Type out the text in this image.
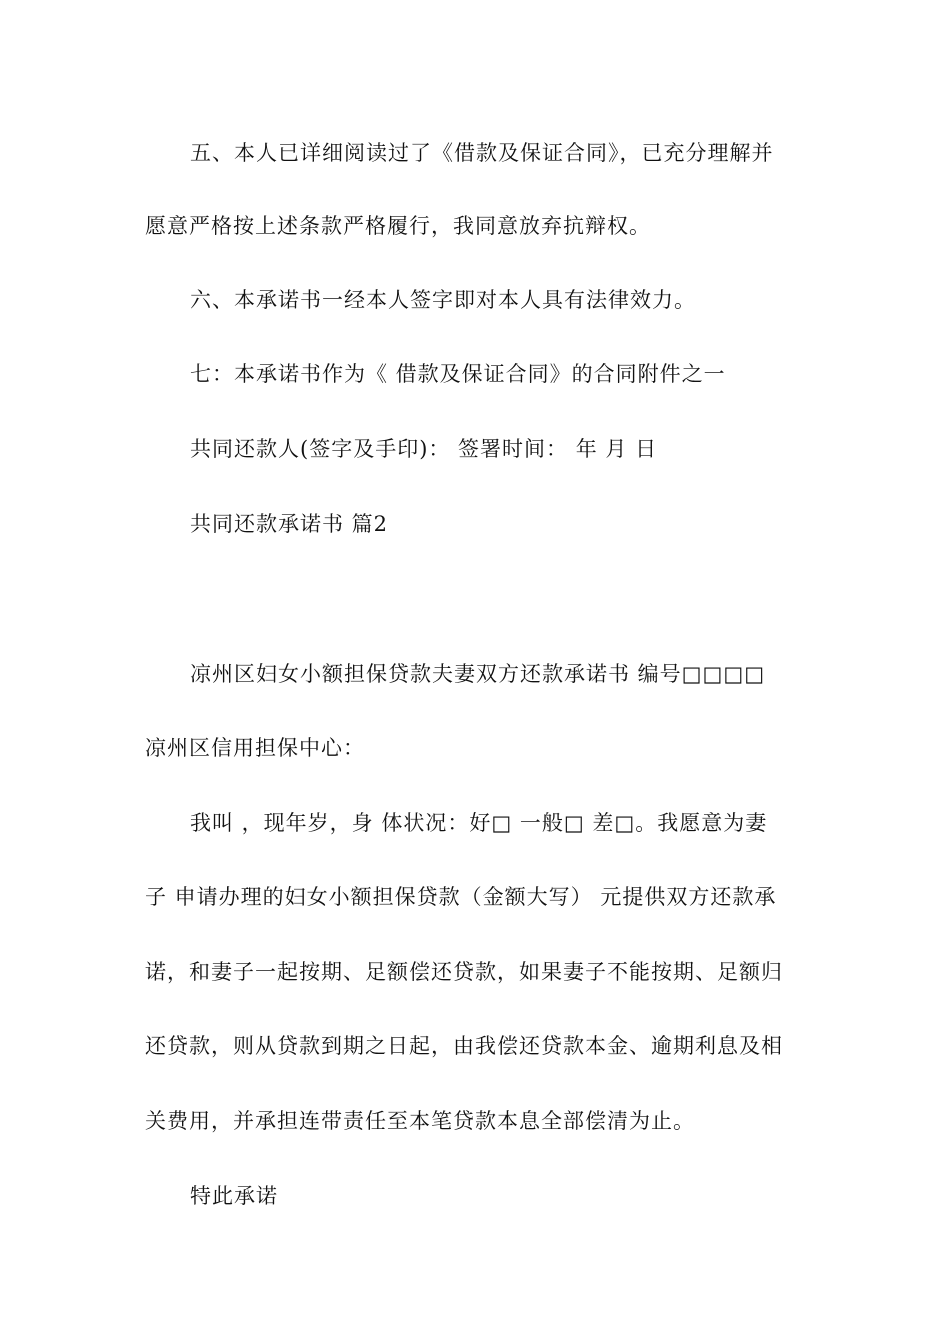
五、本人已详细阅读过了《借款及保证合同》，已充分理解并
愿意严格按上述条款严格履行，我同意放弃抗辩权。
六、本承诺书一经本人签字即对本人具有法律效力。
七：本承诺书作为《 借款及保证合同》的合同附件之一
共同还款人(签字及手印)： 签署时间： 年 月 日
共同还款承诺书 篇2
凉州区妇女小额担保贷款夫妻双方还款承诺书 编号□□□□
凉州区信用担保中心：
我叫 ，现年岁，身 体状况：好□ 一般□ 差□。我愿意为妻
子 申请办理的妇女小额担保贷款（金额大写） 元提供双方还款承
诺，和妻子一起按期、足额偿还贷款，如果妻子不能按期、足额归
还贷款，则从贷款到期之日起，由我偿还贷款本金、逾期利息及相
关费用，并承担连带责任至本笔贷款本息全部偿清为止。
特此承诺
